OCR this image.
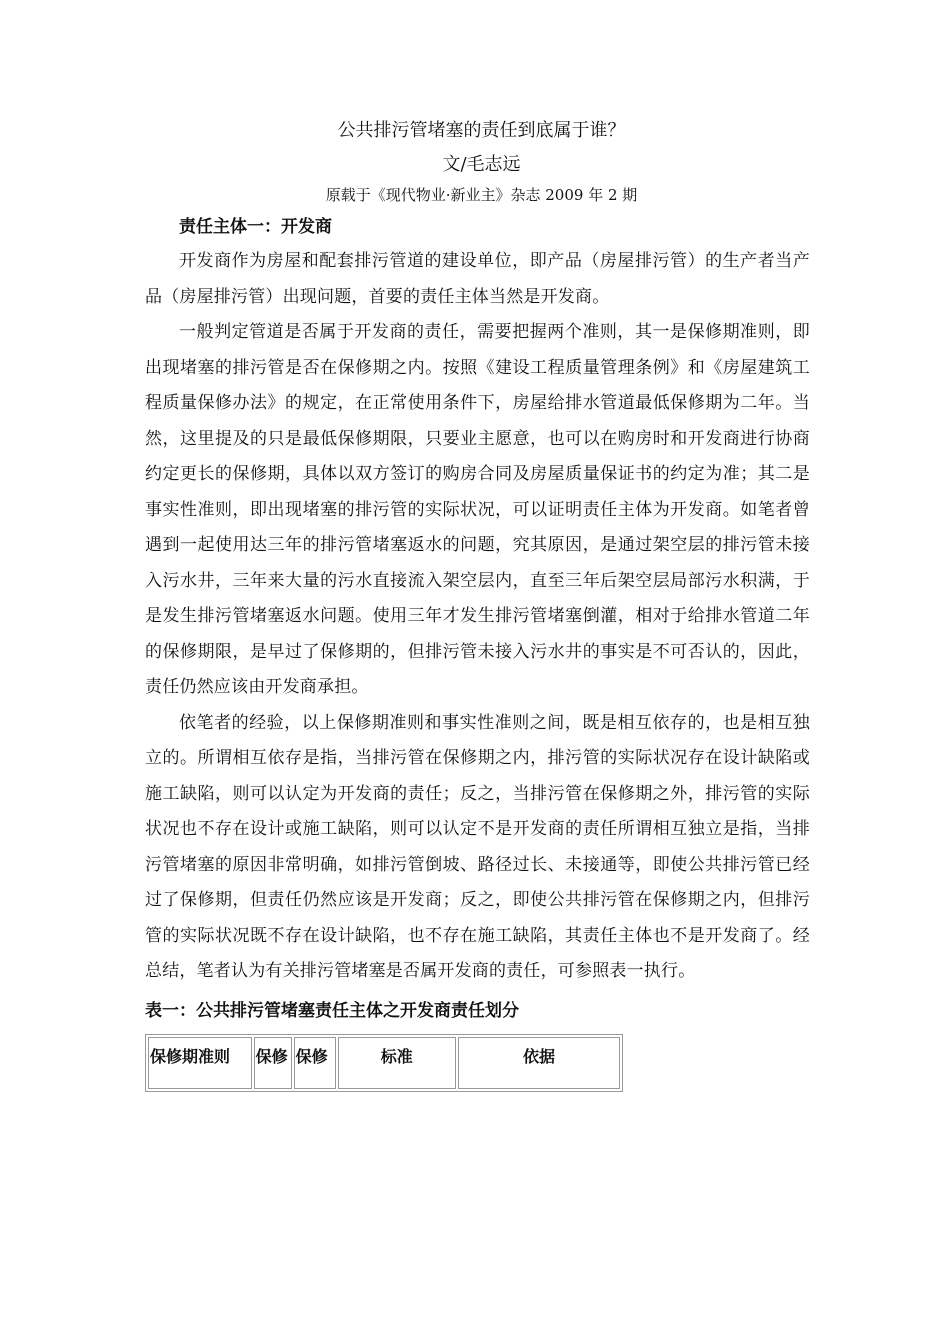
公共排污管堵塞的责任到底属于谁？

文/毛志远

原载于《现代物业·新业主》杂志 2009 年 2 期

责任主体一：开发商

开发商作为房屋和配套排污管道的建设单位，即产品（房屋排污管）的生产者当产品（房屋排污管）出现问题，首要的责任主体当然是开发商。

一般判定管道是否属于开发商的责任，需要把握两个准则，其一是保修期准则，即出现堵塞的排污管是否在保修期之内。按照《建设工程质量管理条例》和《房屋建筑工程质量保修办法》的规定，在正常使用条件下，房屋给排水管道最低保修期为二年。当然，这里提及的只是最低保修期限，只要业主愿意，也可以在购房时和开发商进行协商约定更长的保修期，具体以双方签订的购房合同及房屋质量保证书的约定为准；其二是事实性准则，即出现堵塞的排污管的实际状况，可以证明责任主体为开发商。如笔者曾遇到一起使用达三年的排污管堵塞返水的问题，究其原因，是通过架空层的排污管未接入污水井，三年来大量的污水直接流入架空层内，直至三年后架空层局部污水积满，于是发生排污管堵塞返水问题。使用三年才发生排污管堵塞倒灌，相对于给排水管道二年的保修期限，是早过了保修期的，但排污管未接入污水井的事实是不可否认的，因此，责任仍然应该由开发商承担。

依笔者的经验，以上保修期准则和事实性准则之间，既是相互依存的，也是相互独立的。所谓相互依存是指，当排污管在保修期之内，排污管的实际状况存在设计缺陷或施工缺陷，则可以认定为开发商的责任；反之，当排污管在保修期之外，排污管的实际状况也不存在设计或施工缺陷，则可以认定不是开发商的责任所谓相互独立是指，当排污管堵塞的原因非常明确，如排污管倒坡、路径过长、未接通等，即使公共排污管已经过了保修期，但责任仍然应该是开发商；反之，即使公共排污管在保修期之内，但排污管的实际状况既不存在设计缺陷，也不存在施工缺陷，其责任主体也不是开发商了。经总结，笔者认为有关排污管堵塞是否属开发商的责任，可参照表一执行。

表一：公共排污管堵塞责任主体之开发商责任划分

保修期准则	保修	保修	标准	依据
